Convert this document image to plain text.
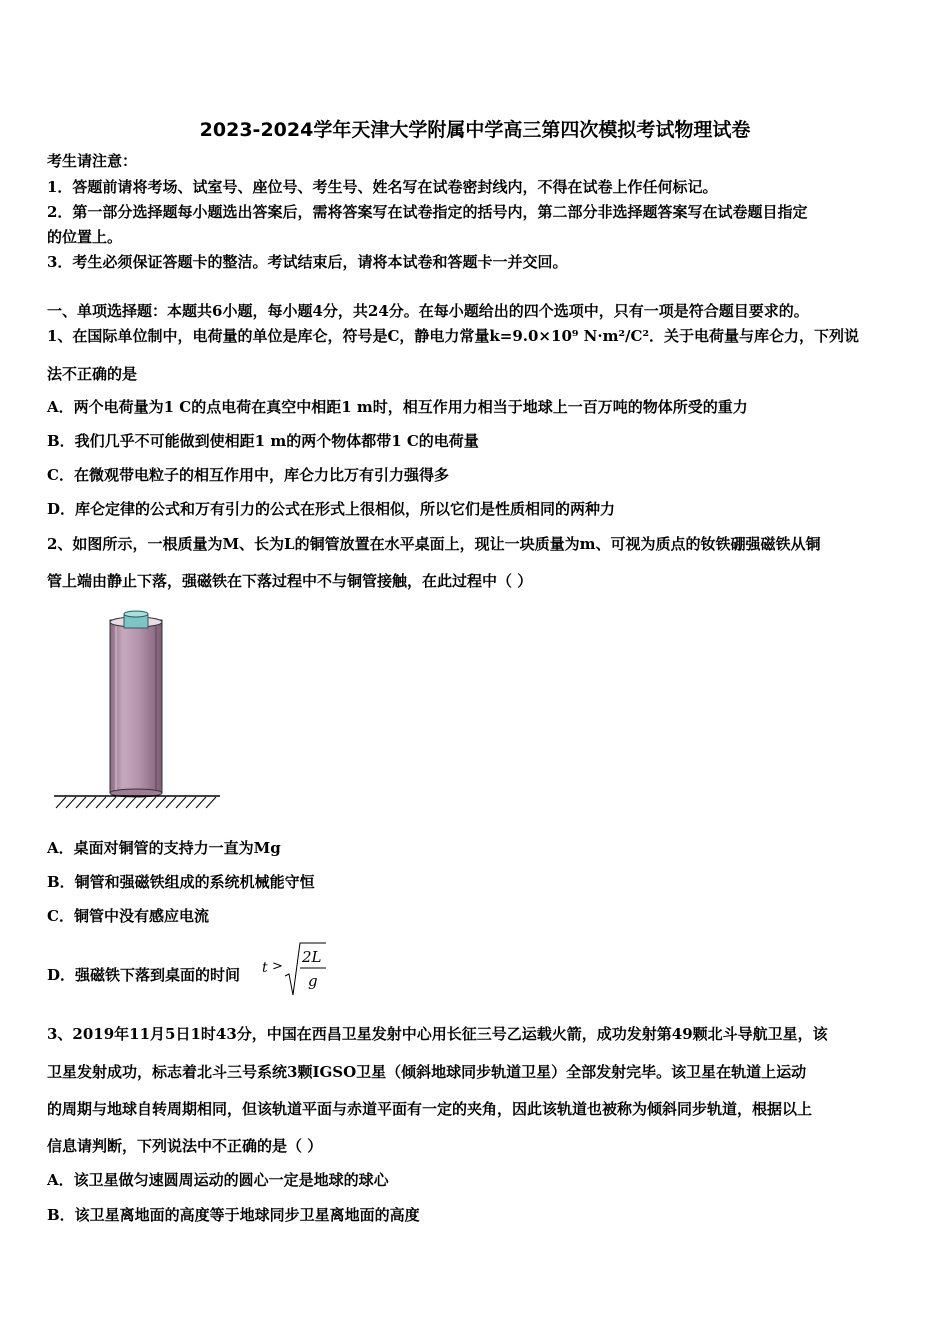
2023-2024学年天津大学附属中学高三第四次模拟考试物理试卷
考生请注意：
1．答题前请将考场、试室号、座位号、考生号、姓名写在试卷密封线内，不得在试卷上作任何标记。
2．第一部分选择题每小题选出答案后，需将答案写在试卷指定的括号内，第二部分非选择题答案写在试卷题目指定
的位置上。
3．考生必须保证答题卡的整洁。考试结束后，请将本试卷和答题卡一并交回。
一、单项选择题：本题共6小题，每小题4分，共24分。在每小题给出的四个选项中，只有一项是符合题目要求的。
1、在国际单位制中，电荷量的单位是库仑，符号是C，静电力常量k=9.0×10⁹ N·m²/C²．关于电荷量与库仑力，下列说
法不正确的是
A．两个电荷量为1 C的点电荷在真空中相距1 m时，相互作用力相当于地球上一百万吨的物体所受的重力
B．我们几乎不可能做到使相距1 m的两个物体都带1 C的电荷量
C．在微观带电粒子的相互作用中，库仑力比万有引力强得多
D．库仑定律的公式和万有引力的公式在形式上很相似，所以它们是性质相同的两种力
2、如图所示，一根质量为M、长为L的铜管放置在水平桌面上，现让一块质量为m、可视为质点的钕铁硼强磁铁从铜
管上端由静止下落，强磁铁在下落过程中不与铜管接触，在此过程中（ ）
A．桌面对铜管的支持力一直为Mg
B．铜管和强磁铁组成的系统机械能守恒
C．铜管中没有感应电流
D．强磁铁下落到桌面的时间	t >
2L
g
3、2019年11月5日1时43分，中国在西昌卫星发射中心用长征三号乙运载火箭，成功发射第49颗北斗导航卫星，该
卫星发射成功，标志着北斗三号系统3颗IGSO卫星（倾斜地球同步轨道卫星）全部发射完毕。该卫星在轨道上运动
的周期与地球自转周期相同，但该轨道平面与赤道平面有一定的夹角，因此该轨道也被称为倾斜同步轨道，根据以上
信息请判断，下列说法中不正确的是（ ）
A．该卫星做匀速圆周运动的圆心一定是地球的球心
B．该卫星离地面的高度等于地球同步卫星离地面的高度
